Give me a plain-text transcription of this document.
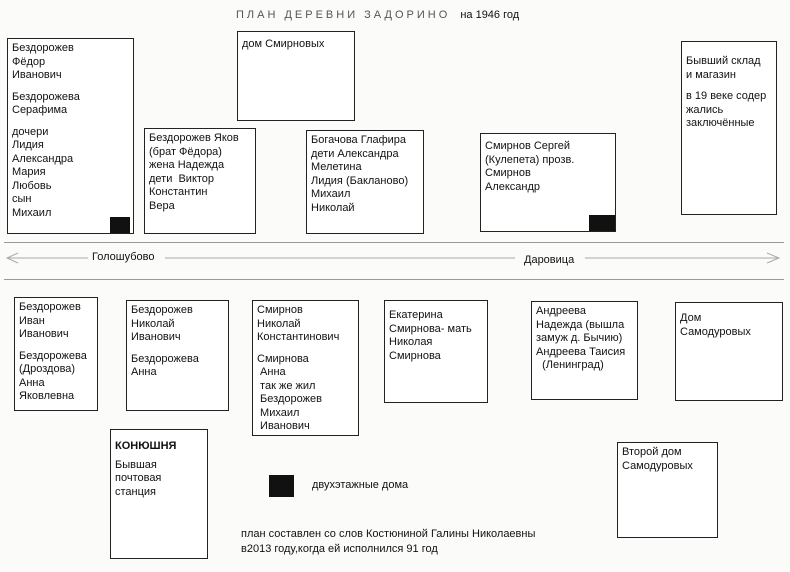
ПЛАН ДЕРЕВНИ ЗАДОРИНО на 1946 год
Бездорожев
Фёдор
Иванович
Бездорожева
Серафима
дочери
Лидия
Александра
Мария
Любовь
сын
Михаил
дом Смирновых
Бездорожев Яков
(брат Фёдора)
жена Надежда
дети  Виктор
Константин
Вера
Богачова Глафира
дети Александра
Мелетина
Лидия (Бакланово)
Михаил
Николай
Смирнов Сергей
(Кулепета) прозв.
Смирнов
Александр
Бывший склад
и магазин
в 19 веке содер
жались
заключённые
Голошубово	Даровица
Бездорожев
Иван
Иванович
Бездорожева
(Дроздова)
Анна
Яковлевна
Бездорожев
Николай
Иванович
Бездорожева
Анна
Смирнов
Николай
Константинович
Смирнова
Анна
так же жил
Бездорожев
Михаил
Иванович
Екатерина
Смирнова- мать
Николая
Смирнова
Андреева
Надежда (вышла
замуж д. Бычию)
Андреева Таисия
(Ленинград)
Дом
Самодуровых
КОНЮШНЯ
Бывшая
почтовая
станция
Второй дом
Самодуровых
двухэтажные дома
план составлен со слов Костюниной Галины Николаевны
в2013 году,когда ей исполнился 91 год
